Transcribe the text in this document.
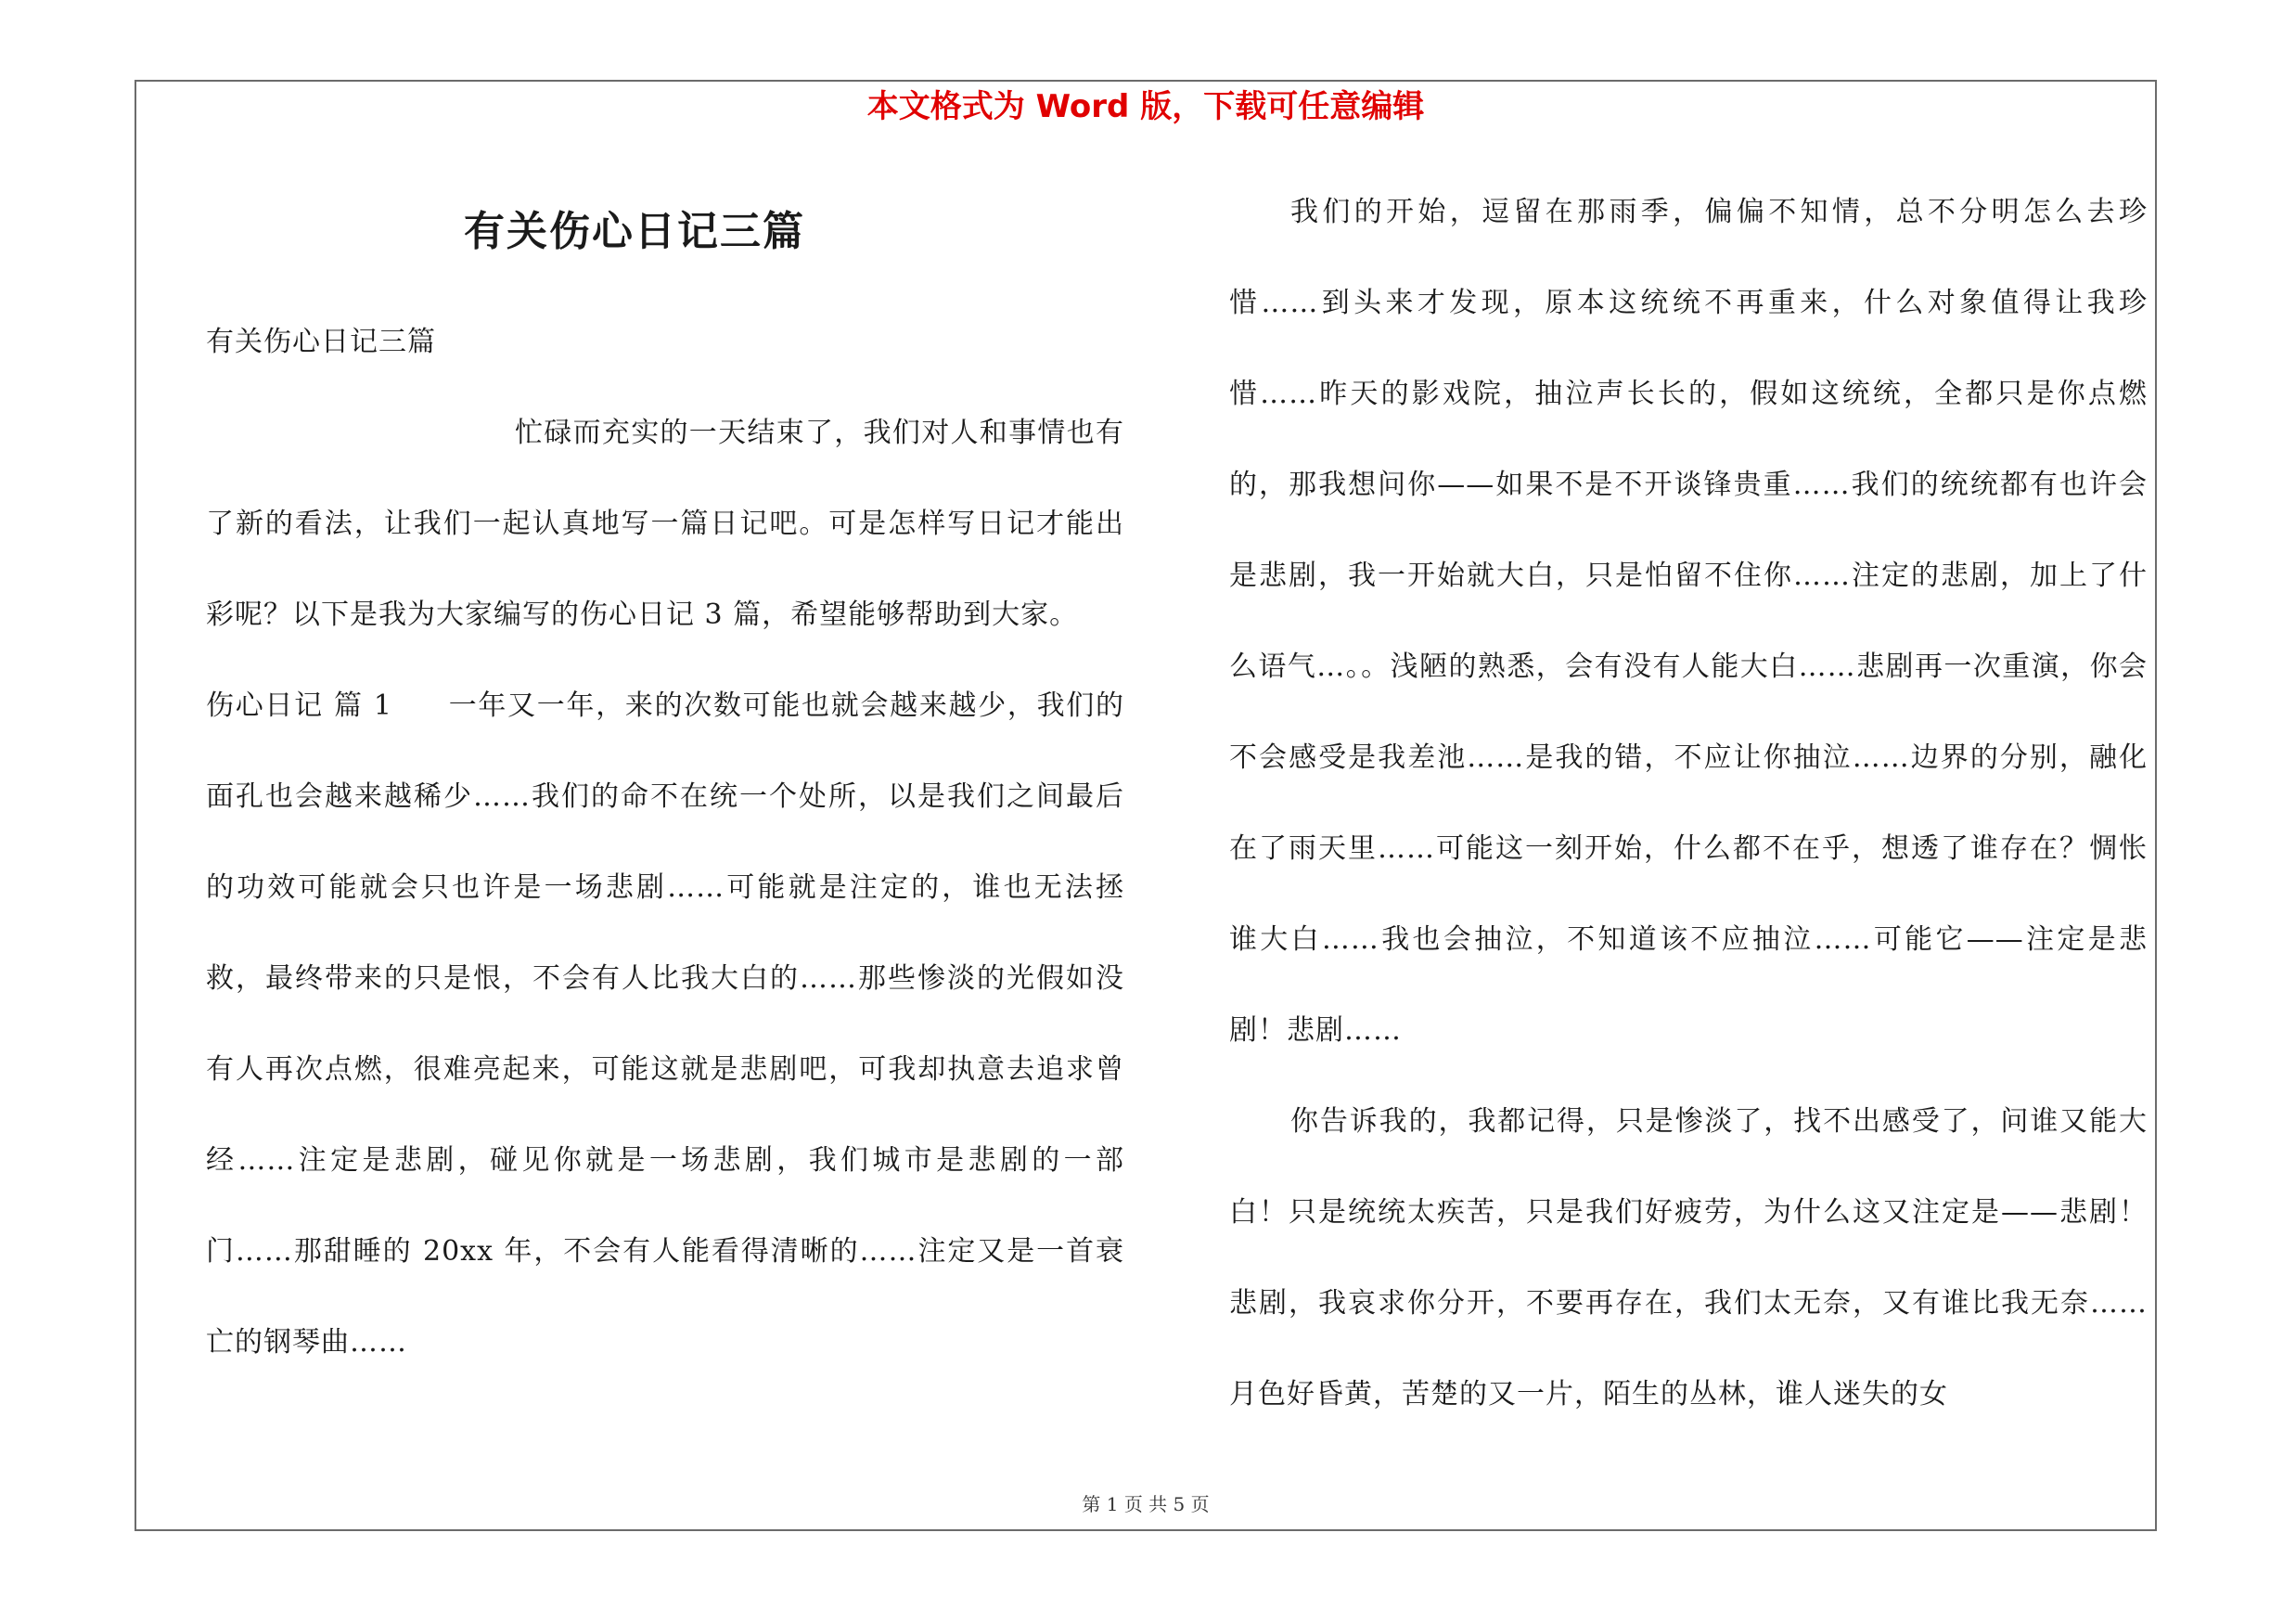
本文格式为 Word 版，下载可任意编辑
有关伤心日记三篇

有关伤心日记三篇

忙碌而充实的一天结束了，我们对人和事情也有了新的看法，让我们一起认真地写一篇日记吧。可是怎样写日记才能出彩呢？以下是我为大家编写的伤心日记 3 篇，希望能够帮助到大家。

伤心日记 篇 1 一年又一年，来的次数可能也就会越来越少，我们的面孔也会越来越稀少……我们的命不在统一个处所，以是我们之间最后的功效可能就会只也许是一场悲剧……可能就是注定的，谁也无法拯救，最终带来的只是恨，不会有人比我大白的……那些惨淡的光假如没有人再次点燃，很难亮起来，可能这就是悲剧吧，可我却执意去追求曾经……注定是悲剧，碰见你就是一场悲剧，我们城市是悲剧的一部门……那甜睡的 20xx 年，不会有人能看得清晰的……注定又是一首衰亡的钢琴曲……

我们的开始，逗留在那雨季，偏偏不知情，总不分明怎么去珍惜……到头来才发现，原本这统统不再重来，什么对象值得让我珍惜……昨天的影戏院，抽泣声长长的，假如这统统，全都只是你点燃的，那我想问你——如果不是不开谈锋贵重……我们的统统都有也许会是悲剧，我一开始就大白，只是怕留不住你……注定的悲剧，加上了什么语气…。。浅陋的熟悉，会有没有人能大白……悲剧再一次重演，你会不会感受是我差池……是我的错，不应让你抽泣……边界的分别，融化在了雨天里……可能这一刻开始，什么都不在乎，想透了谁存在？惆怅谁大白……我也会抽泣，不知道该不应抽泣……可能它——注定是悲剧！悲剧……

你告诉我的，我都记得，只是惨淡了，找不出感受了，问谁又能大白！只是统统太疾苦，只是我们好疲劳，为什么这又注定是——悲剧！悲剧，我哀求你分开，不要再存在，我们太无奈，又有谁比我无奈……月色好昏黄，苦楚的又一片，陌生的丛林，谁人迷失的女

第 1 页 共 5 页
